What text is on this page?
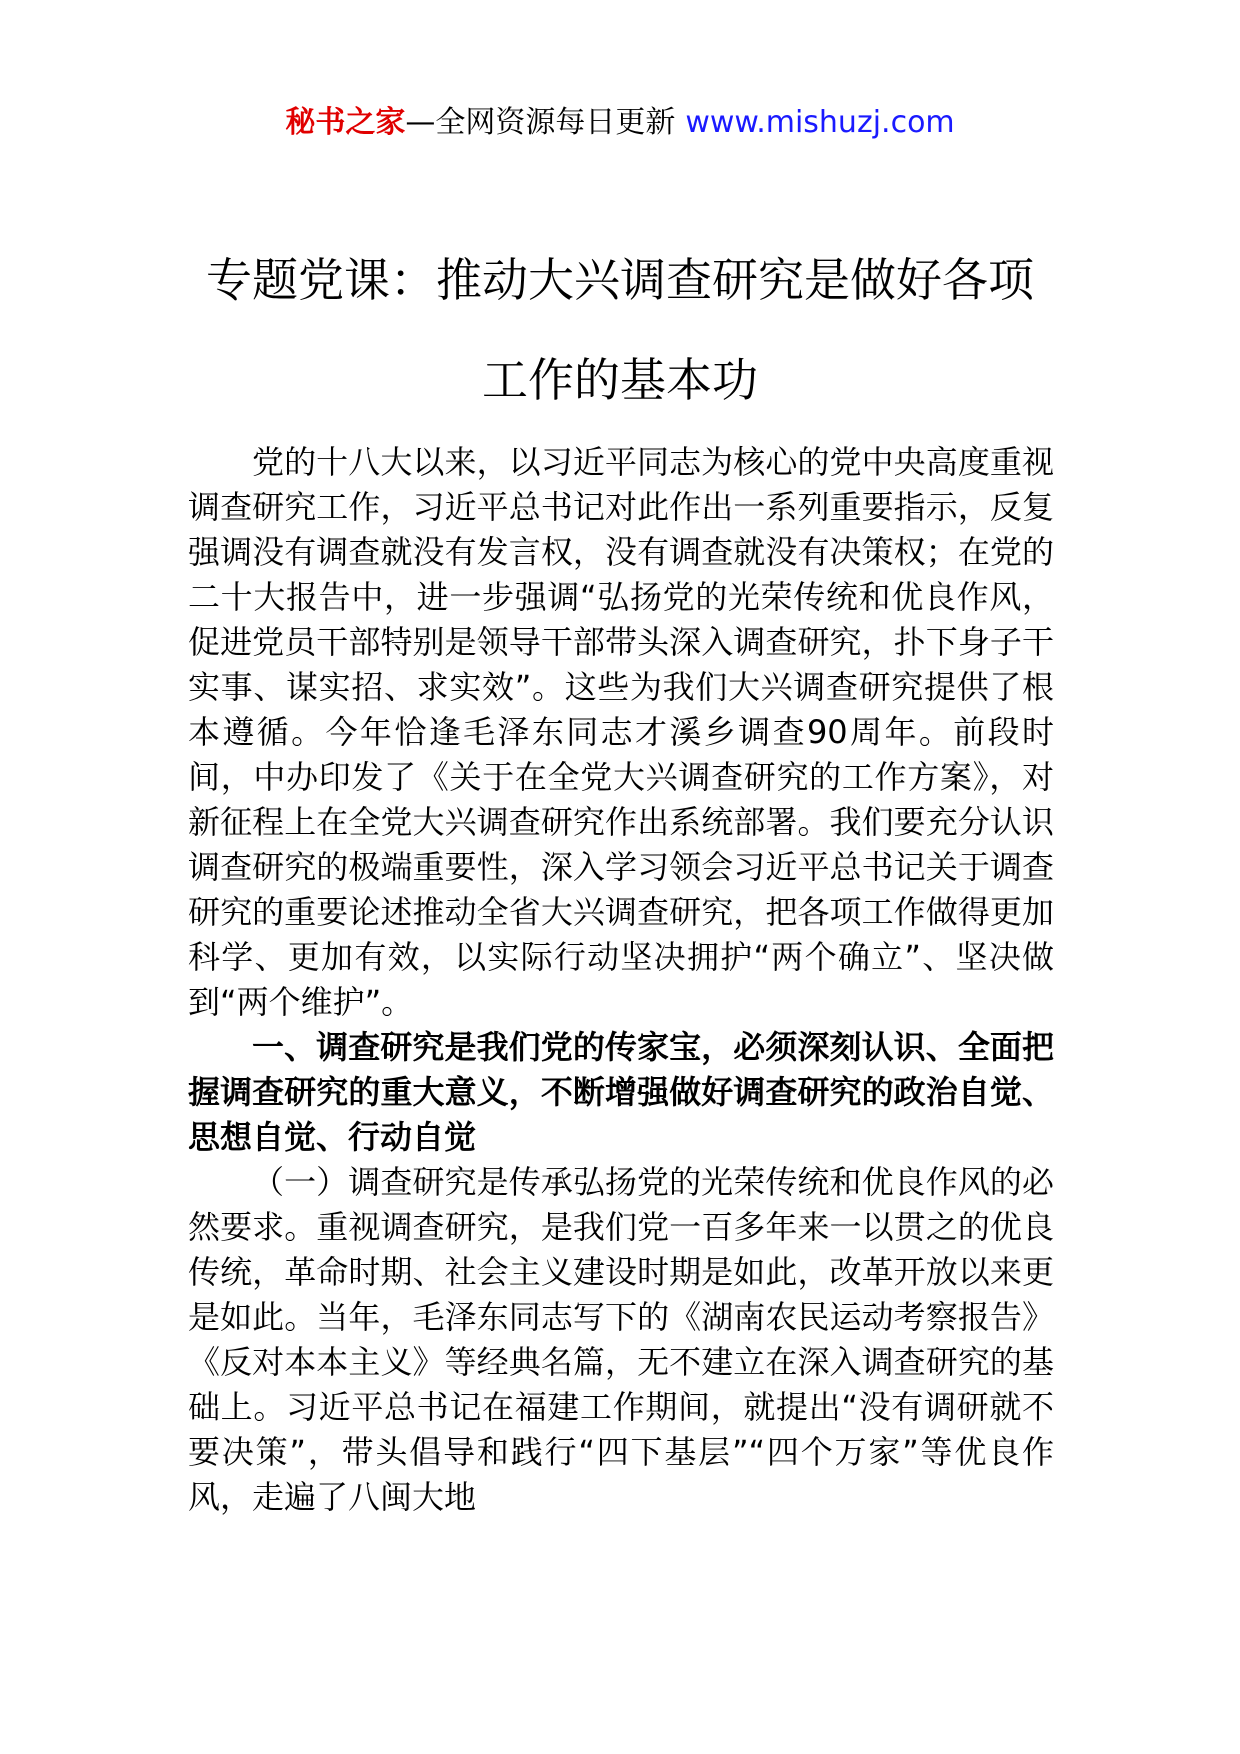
秘书之家—全网资源每日更新 www.mishuzj.com
专题党课：推动大兴调查研究是做好各项
工作的基本功

党的十八大以来，以习近平同志为核心的党中央高度重视调查研究工作，习近平总书记对此作出一系列重要指示，反复强调没有调查就没有发言权，没有调查就没有决策权；在党的二十大报告中，进一步强调“弘扬党的光荣传统和优良作风，促进党员干部特别是领导干部带头深入调查研究，扑下身子干实事、谋实招、求实效”。这些为我们大兴调查研究提供了根本遵循。今年恰逢毛泽东同志才溪乡调查90周年。前段时间，中办印发了《关于在全党大兴调查研究的工作方案》，对新征程上在全党大兴调查研究作出系统部署。我们要充分认识调查研究的极端重要性，深入学习领会习近平总书记关于调查研究的重要论述推动全省大兴调查研究，把各项工作做得更加科学、更加有效，以实际行动坚决拥护“两个确立”、坚决做到“两个维护”。

一、调查研究是我们党的传家宝，必须深刻认识、全面把握调查研究的重大意义，不断增强做好调查研究的政治自觉、思想自觉、行动自觉

（一）调查研究是传承弘扬党的光荣传统和优良作风的必然要求。重视调查研究，是我们党一百多年来一以贯之的优良传统，革命时期、社会主义建设时期是如此，改革开放以来更是如此。当年，毛泽东同志写下的《湖南农民运动考察报告》《反对本本主义》等经典名篇，无不建立在深入调查研究的基础上。习近平总书记在福建工作期间，就提出“没有调研就不要决策”，带头倡导和践行“四下基层”“四个万家”等优良作风，走遍了八闽大地
